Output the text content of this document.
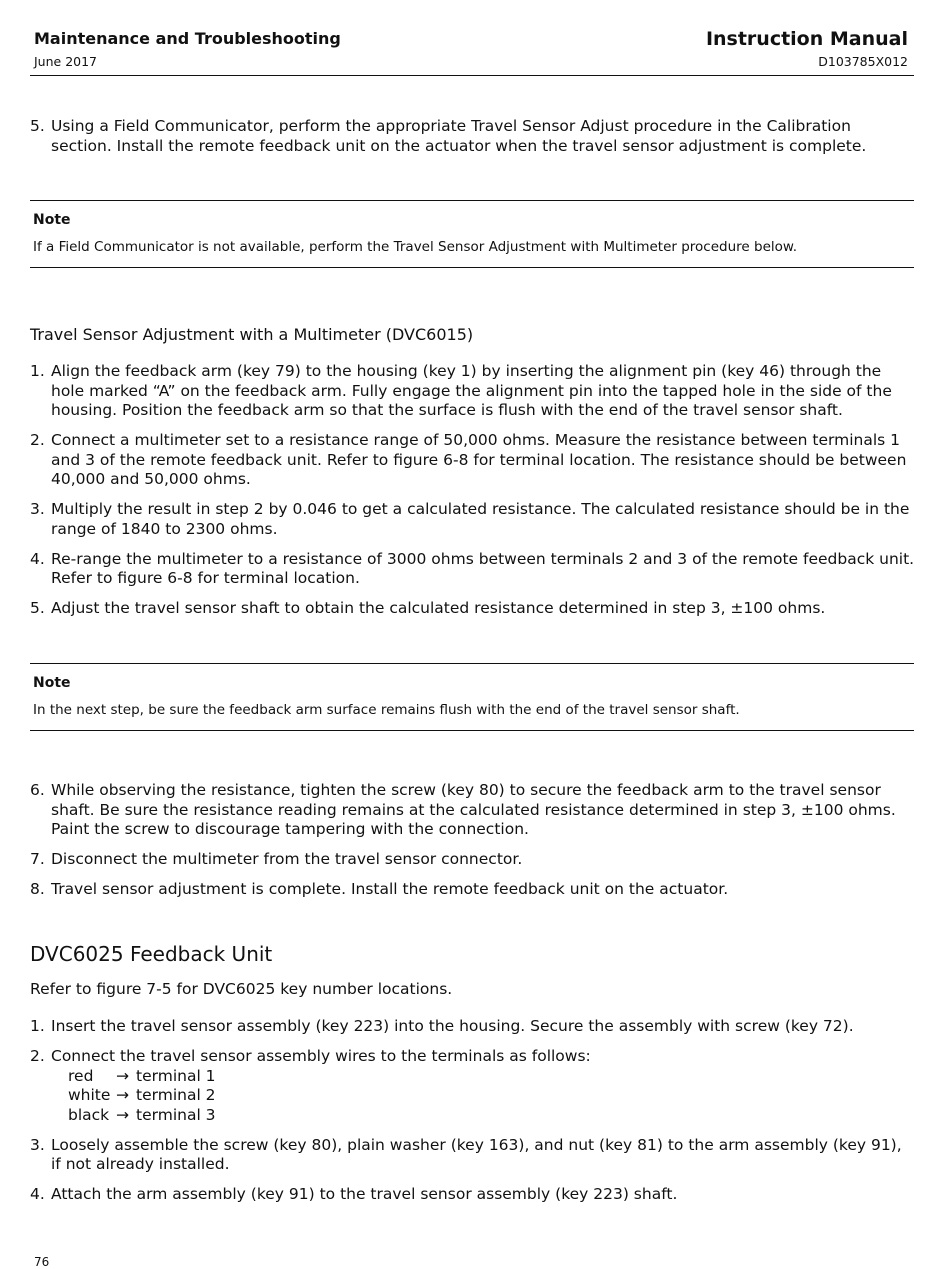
Maintenance and Troubleshooting
June 2017
Instruction Manual
D103785X012
5. Using a Field Communicator, perform the appropriate Travel Sensor Adjust procedure in the Calibration section. Install the remote feedback unit on the actuator when the travel sensor adjustment is complete.
Note
If a Field Communicator is not available, perform the Travel Sensor Adjustment with Multimeter procedure below.
Travel Sensor Adjustment with a Multimeter (DVC6015)
1. Align the feedback arm (key 79) to the housing (key 1) by inserting the alignment pin (key 46) through the hole marked “A” on the feedback arm. Fully engage the alignment pin into the tapped hole in the side of the housing. Position the feedback arm so that the surface is flush with the end of the travel sensor shaft.
2. Connect a multimeter set to a resistance range of 50,000 ohms. Measure the resistance between terminals 1 and 3 of the remote feedback unit. Refer to figure 6‐8 for terminal location. The resistance should be between 40,000 and 50,000 ohms.
3. Multiply the result in step 2 by 0.046 to get a calculated resistance. The calculated resistance should be in the range of 1840 to 2300 ohms.
4. Re‐range the multimeter to a resistance of 3000 ohms between terminals 2 and 3 of the remote feedback unit. Refer to figure 6‐8 for terminal location.
5. Adjust the travel sensor shaft to obtain the calculated resistance determined in step 3, ±100 ohms.
Note
In the next step, be sure the feedback arm surface remains flush with the end of the travel sensor shaft.
6. While observing the resistance, tighten the screw (key 80) to secure the feedback arm to the travel sensor shaft. Be sure the resistance reading remains at the calculated resistance determined in step 3, ±100 ohms. Paint the screw to discourage tampering with the connection.
7. Disconnect the multimeter from the travel sensor connector.
8. Travel sensor adjustment is complete. Install the remote feedback unit on the actuator.
DVC6025 Feedback Unit
Refer to figure 7‐5 for DVC6025 key number locations.
1. Insert the travel sensor assembly (key 223) into the housing. Secure the assembly with screw (key 72).
2. Connect the travel sensor assembly wires to the terminals as follows:
red → terminal 1
white → terminal 2
black → terminal 3
3. Loosely assemble the screw (key 80), plain washer (key 163), and nut (key 81) to the arm assembly (key 91), if not already installed.
4. Attach the arm assembly (key 91) to the travel sensor assembly (key 223) shaft.
76
